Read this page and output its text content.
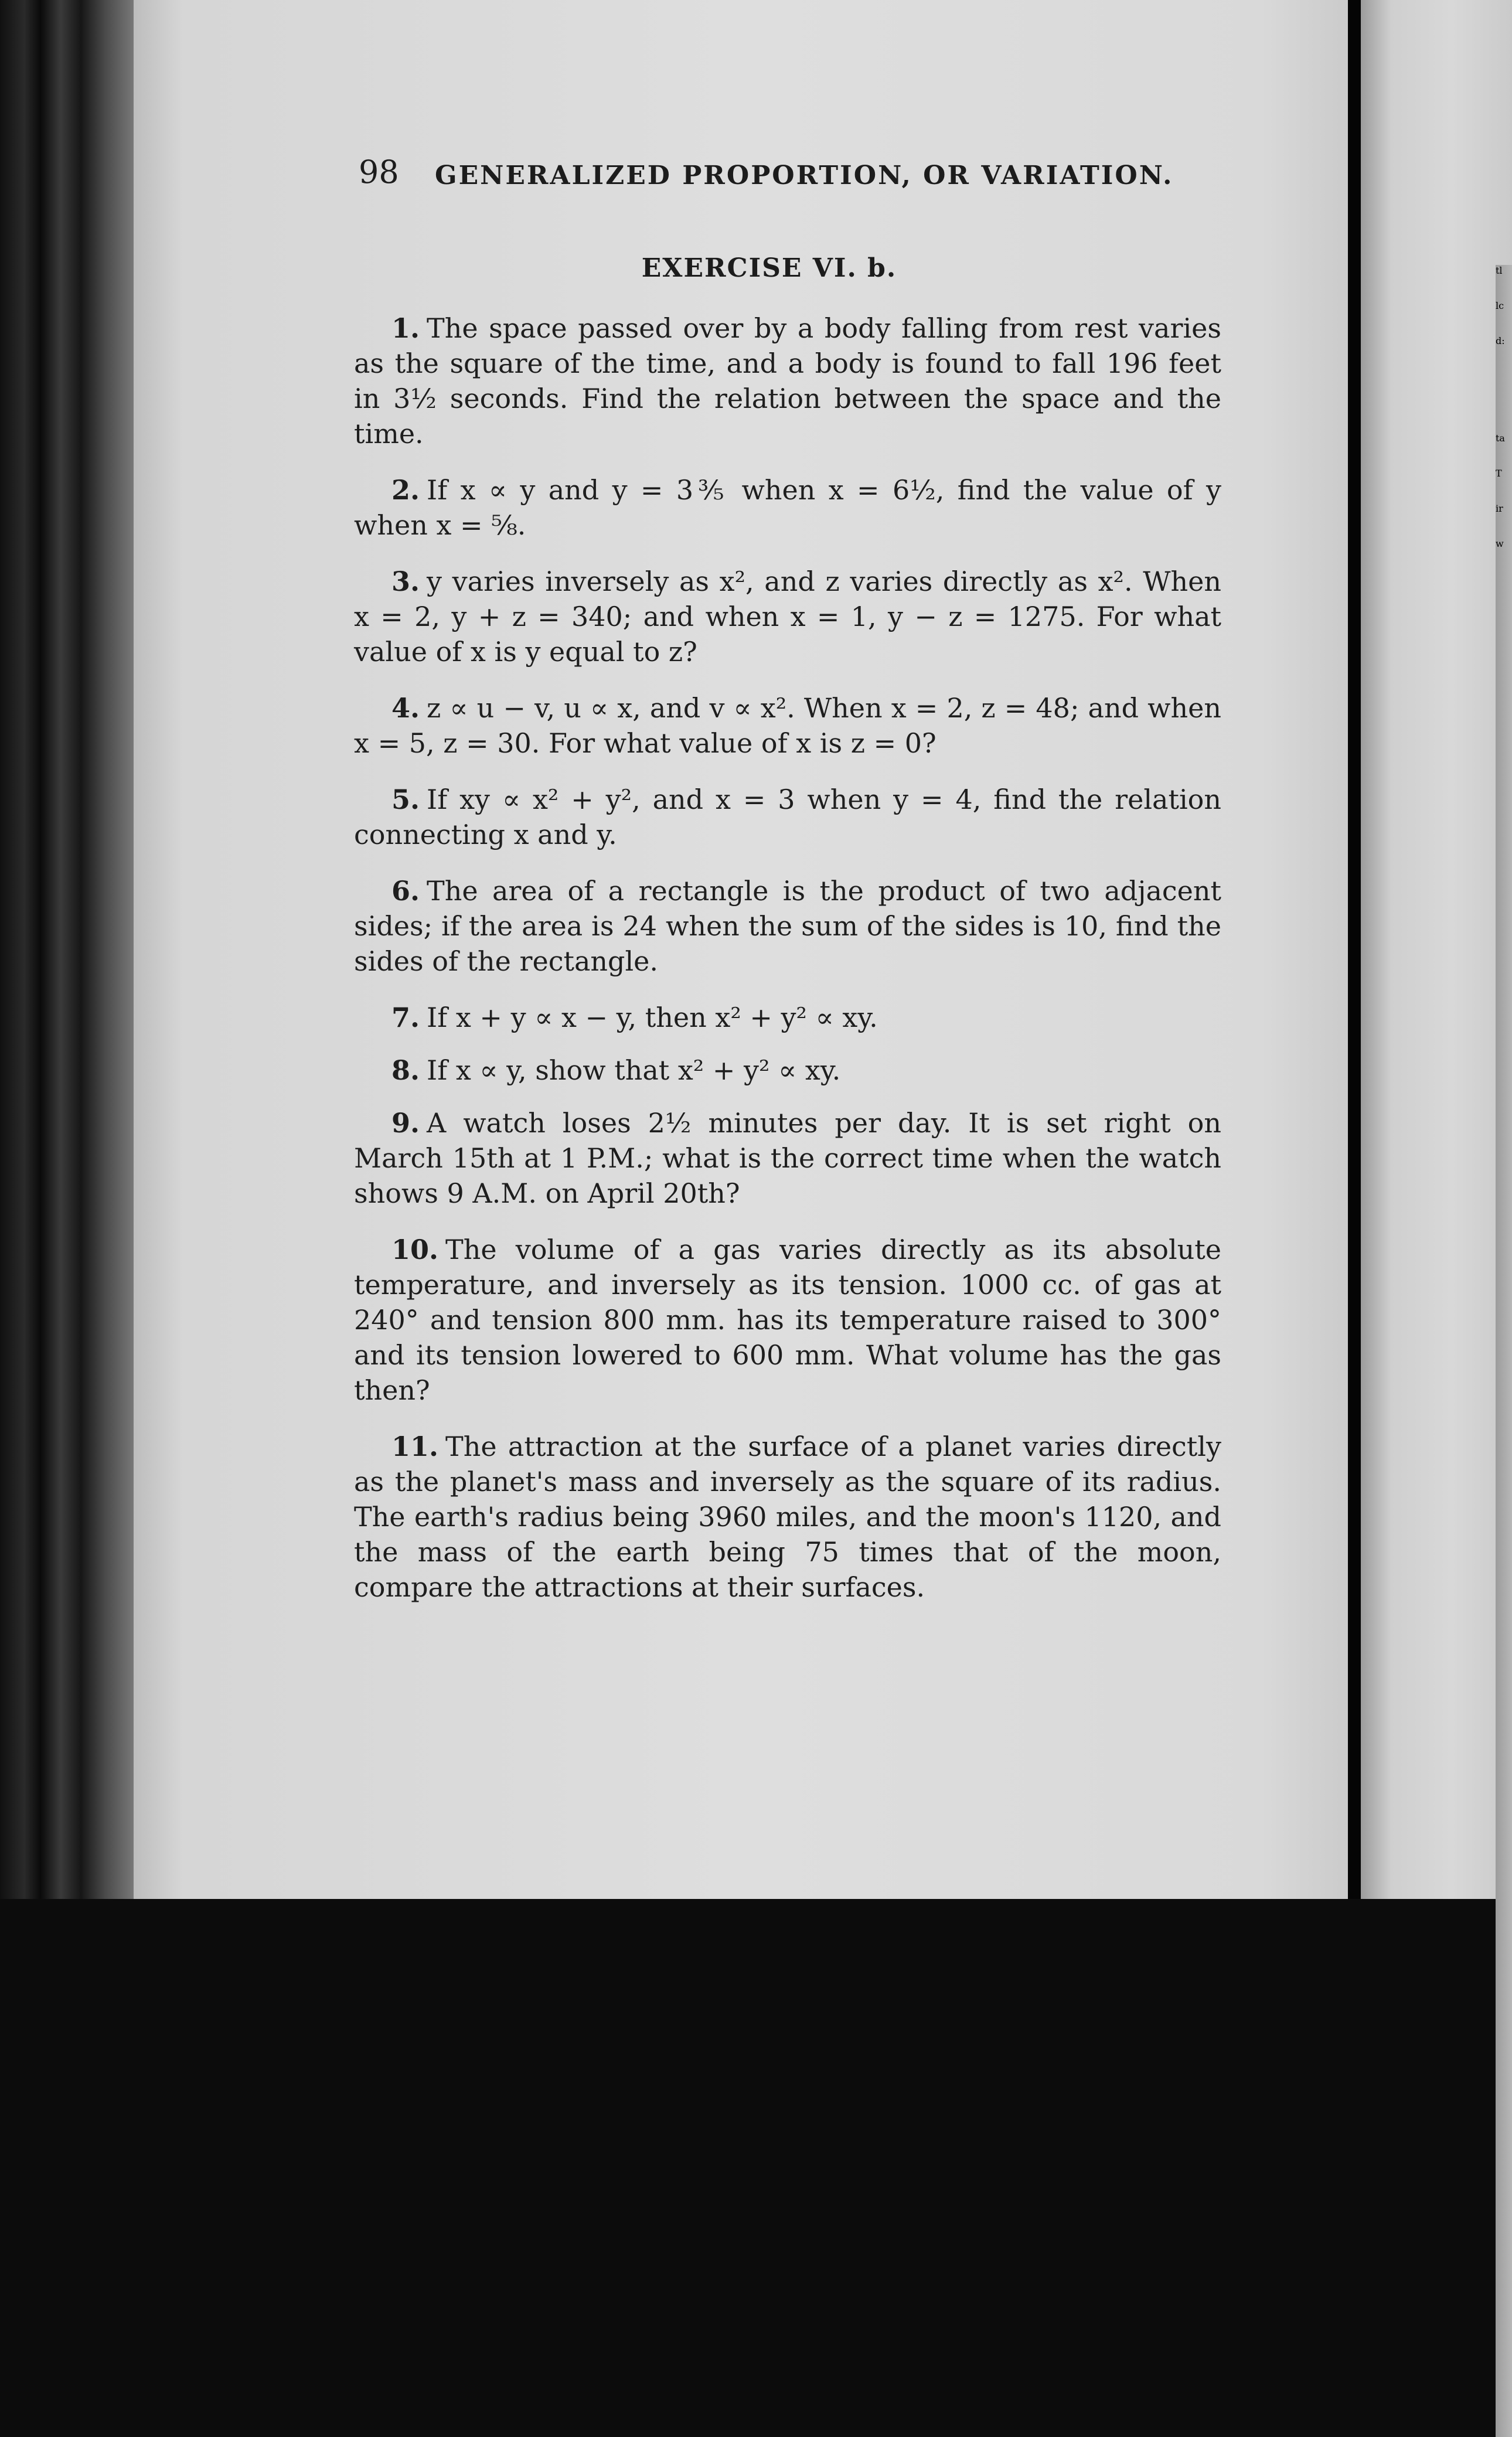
tl
lc
d:
ta
T
ir
w
98 GENERALIZED PROPORTION, OR VARIATION.
EXERCISE VI. b.

1. The space passed over by a body falling from rest varies as the square of the time, and a body is found to fall 196 feet in 3½ seconds. Find the relation between the space and the time.

2. If x ∝ y and y = 3⅗ when x = 6½, find the value of y when x = ⅝.

3. y varies inversely as x², and z varies directly as x². When x = 2, y + z = 340; and when x = 1, y − z = 1275. For what value of x is y equal to z?

4. z ∝ u − v, u ∝ x, and v ∝ x². When x = 2, z = 48; and when x = 5, z = 30. For what value of x is z = 0?

5. If xy ∝ x² + y², and x = 3 when y = 4, find the relation connecting x and y.

6. The area of a rectangle is the product of two adjacent sides; if the area is 24 when the sum of the sides is 10, find the sides of the rectangle.

7. If x + y ∝ x − y, then x² + y² ∝ xy.

8. If x ∝ y, show that x² + y² ∝ xy.

9. A watch loses 2½ minutes per day. It is set right on March 15th at 1 P.M.; what is the correct time when the watch shows 9 A.M. on April 20th?

10. The volume of a gas varies directly as its absolute temperature, and inversely as its tension. 1000 cc. of gas at 240° and tension 800 mm. has its temperature raised to 300° and its tension lowered to 600 mm. What volume has the gas then?

11. The attraction at the surface of a planet varies directly as the planet's mass and inversely as the square of its radius. The earth's radius being 3960 miles, and the moon's 1120, and the mass of the earth being 75 times that of the moon, compare the attractions at their surfaces.
